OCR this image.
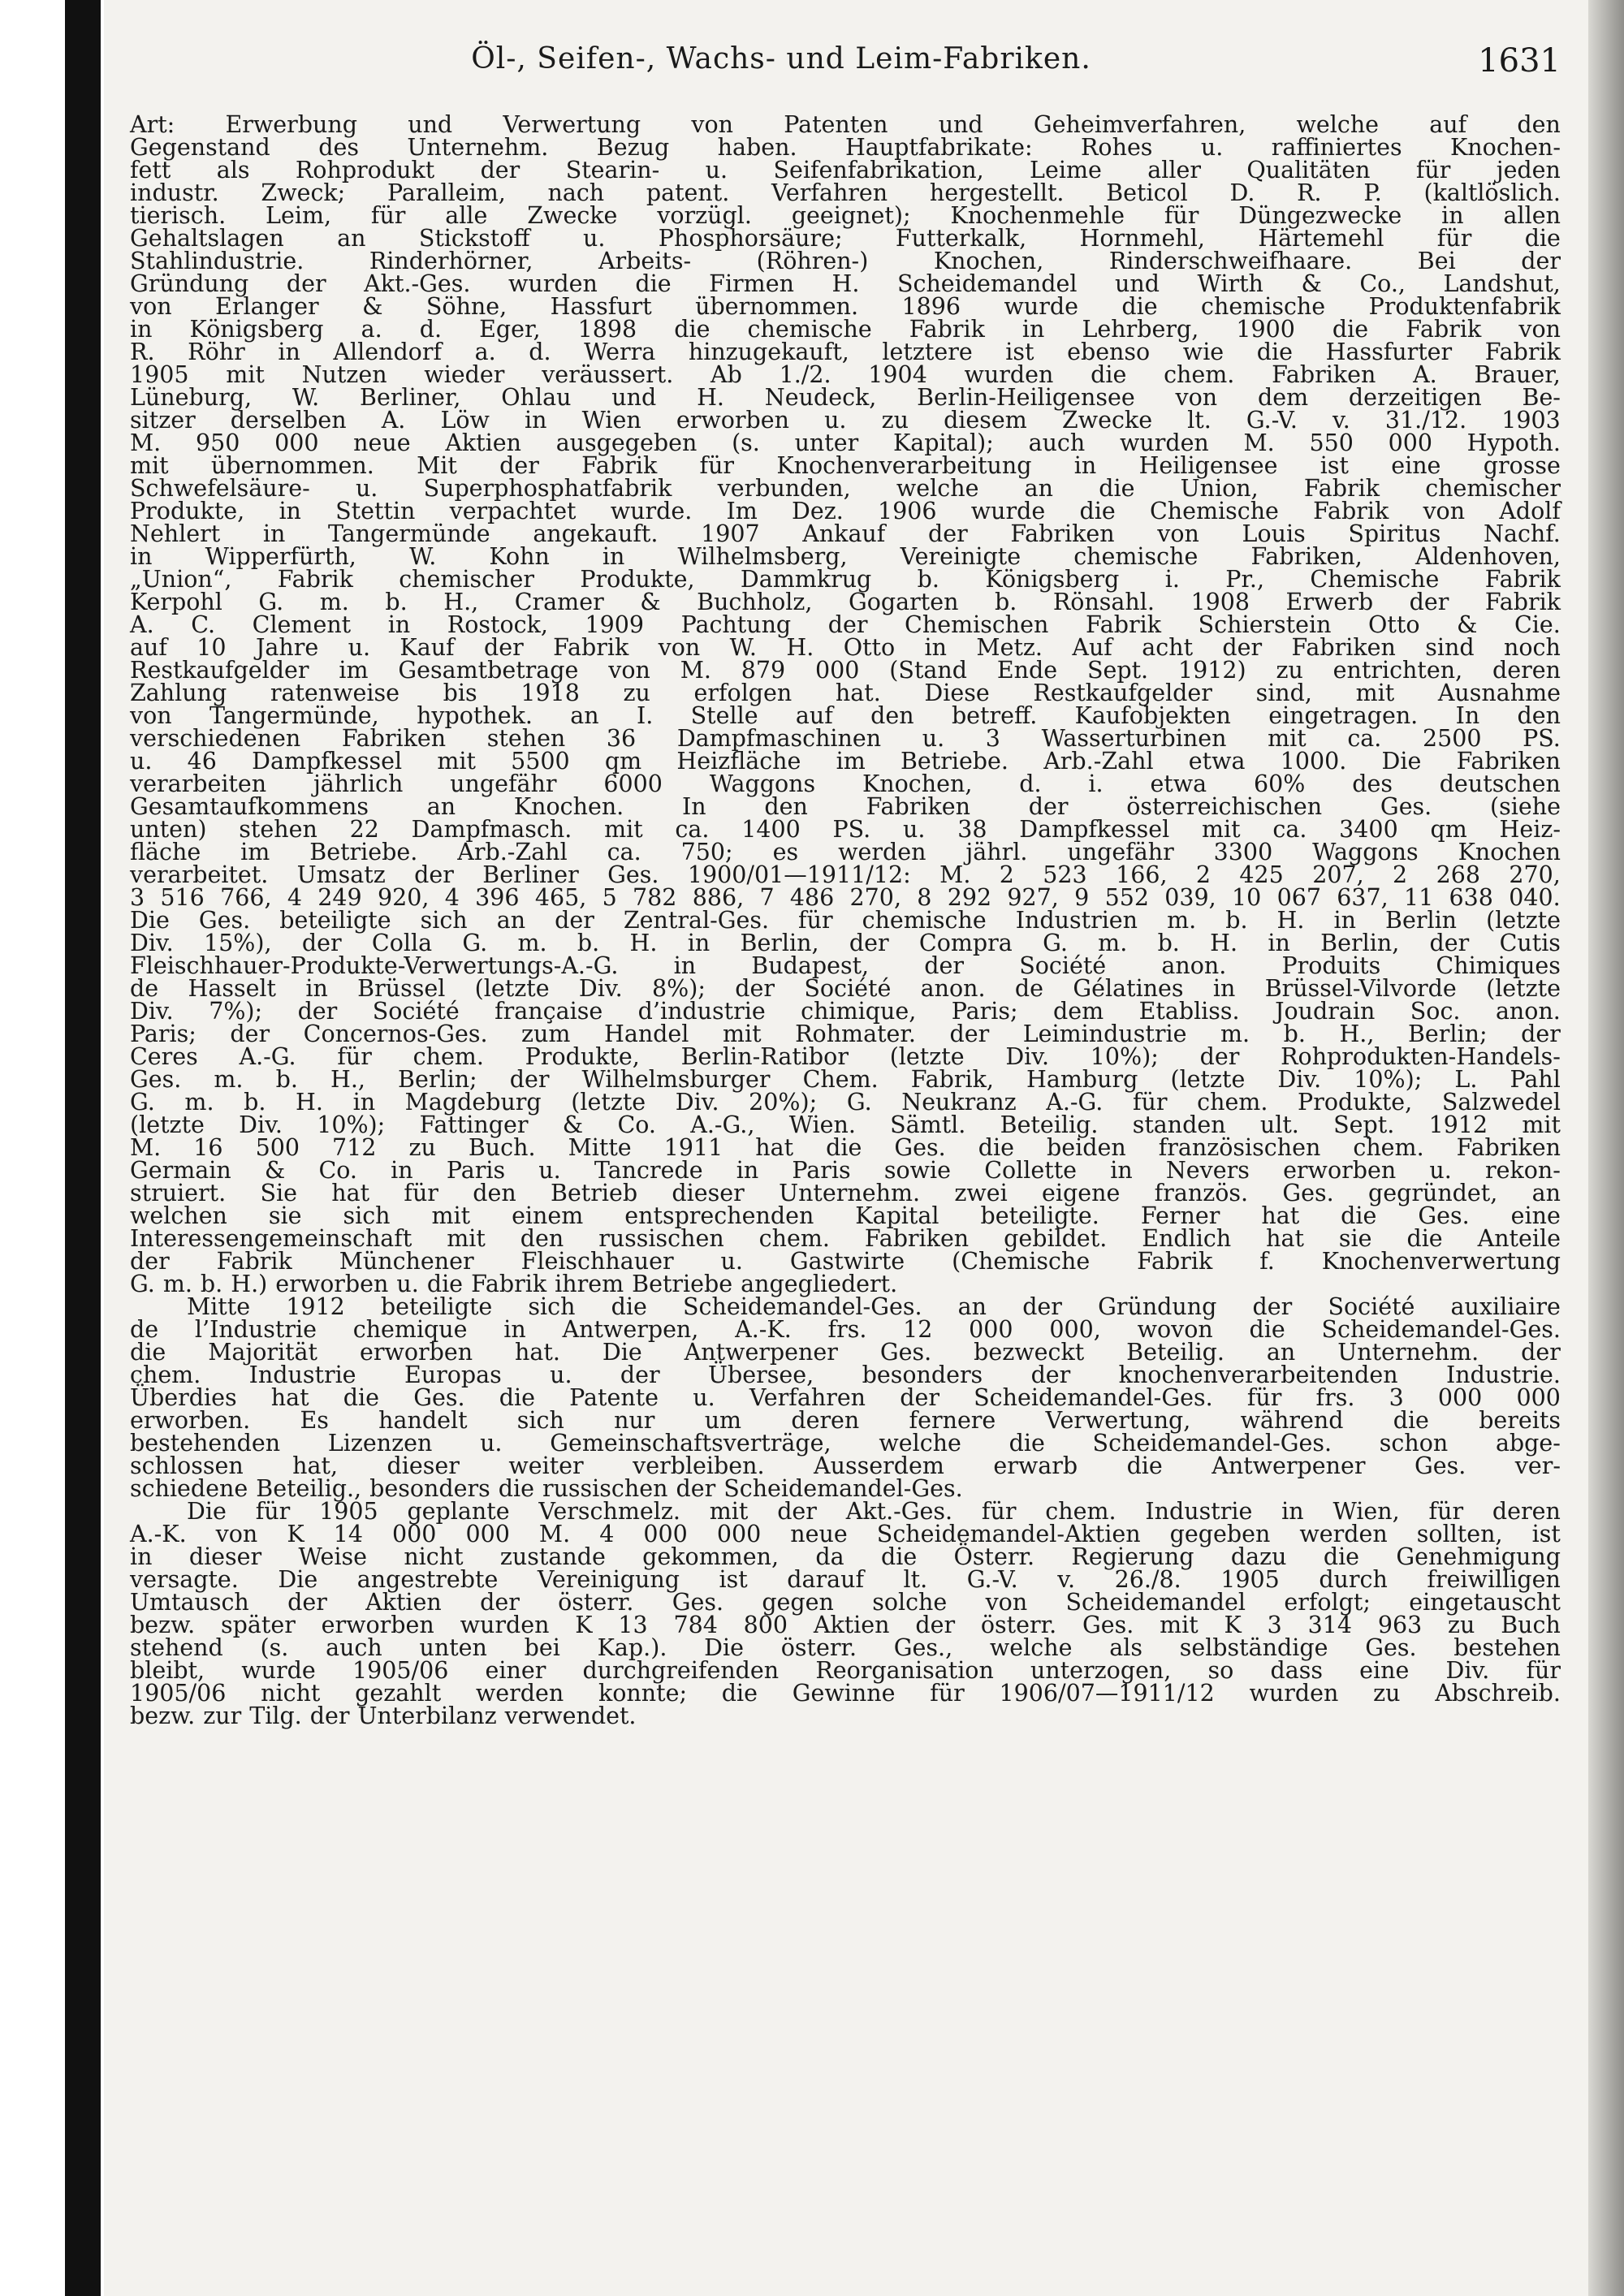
Öl-, Seifen-, Wachs- und Leim-Fabriken.	1631
Art: Erwerbung und Verwertung von Patenten und Geheimverfahren, welche auf den
Gegenstand des Unternehm. Bezug haben. Hauptfabrikate: Rohes u. raffiniertes Knochen-
fett als Rohprodukt der Stearin- u. Seifenfabrikation, Leime aller Qualitäten für jeden
industr. Zweck; Paralleim, nach patent. Verfahren hergestellt. Beticol D. R. P. (kaltlöslich.
tierisch. Leim, für alle Zwecke vorzügl. geeignet); Knochenmehle für Düngezwecke in allen
Gehaltslagen an Stickstoff u. Phosphorsäure; Futterkalk, Hornmehl, Härtemehl für die
Stahlindustrie.	Rinderhörner,	Arbeits-	(Röhren-)	Knochen,	Rinderschweifhaare.	Bei	der
Gründung der Akt.-Ges. wurden die Firmen H. Scheidemandel und Wirth & Co., Landshut,
von Erlanger & Söhne, Hassfurt übernommen. 1896 wurde die chemische Produktenfabrik
in Königsberg a. d. Eger, 1898 die chemische Fabrik in Lehrberg, 1900 die Fabrik von
R. Röhr in Allendorf a. d. Werra hinzugekauft, letztere ist ebenso wie die Hassfurter Fabrik
1905 mit Nutzen wieder veräussert. Ab 1./2. 1904 wurden die chem. Fabriken A. Brauer,
Lüneburg, W. Berliner, Ohlau und H. Neudeck, Berlin-Heiligensee von dem derzeitigen Be-
sitzer derselben A. Löw in Wien erworben u. zu diesem Zwecke lt. G.-V. v. 31./12. 1903
M. 950 000 neue Aktien ausgegeben (s. unter Kapital); auch wurden M. 550 000 Hypoth.
mit übernommen. Mit der Fabrik für Knochenverarbeitung in Heiligensee ist eine grosse
Schwefelsäure- u. Superphosphatfabrik verbunden, welche an die Union, Fabrik chemischer
Produkte, in Stettin verpachtet wurde. Im Dez. 1906 wurde die Chemische Fabrik von Adolf
Nehlert in Tangermünde angekauft. 1907 Ankauf der Fabriken von Louis Spiritus Nachf.
in Wipperfürth, W. Kohn in Wilhelmsberg, Vereinigte chemische Fabriken, Aldenhoven,
„Union“, Fabrik chemischer Produkte, Dammkrug b. Königsberg i. Pr., Chemische Fabrik
Kerpohl G. m. b. H., Cramer & Buchholz, Gogarten b. Rönsahl. 1908 Erwerb der Fabrik
A. C. Clement in Rostock, 1909 Pachtung der Chemischen Fabrik Schierstein Otto & Cie.
auf 10 Jahre u. Kauf der Fabrik von W. H. Otto in Metz. Auf acht der Fabriken sind noch
Restkaufgelder im Gesamtbetrage von M. 879 000 (Stand Ende Sept. 1912) zu entrichten, deren
Zahlung ratenweise bis 1918 zu erfolgen hat. Diese Restkaufgelder sind, mit Ausnahme
von Tangermünde, hypothek. an I. Stelle auf den betreff. Kaufobjekten eingetragen. In den
verschiedenen Fabriken stehen 36 Dampfmaschinen u. 3 Wasserturbinen mit ca. 2500 PS.
u. 46 Dampfkessel mit 5500 qm Heizfläche im Betriebe. Arb.-Zahl etwa 1000. Die Fabriken
verarbeiten jährlich ungefähr 6000 Waggons Knochen, d. i. etwa 60% des deutschen
Gesamtaufkommens	an	Knochen.	In	den	Fabriken	der	österreichischen	Ges.	(siehe
unten) stehen 22 Dampfmasch. mit ca. 1400 PS. u. 38 Dampfkessel mit ca. 3400 qm Heiz-
fläche im Betriebe. Arb.-Zahl ca. 750; es werden jährl. ungefähr 3300 Waggons Knochen
verarbeitet. Umsatz der Berliner Ges. 1900/01—1911/12: M. 2 523 166, 2 425 207, 2 268 270,
3 516 766, 4 249 920, 4 396 465, 5 782 886, 7 486 270, 8 292 927, 9 552 039, 10 067 637, 11 638 040.
Die Ges. beteiligte sich an der Zentral-Ges. für chemische Industrien m. b. H. in Berlin (letzte
Div. 15%), der Colla G. m. b. H. in Berlin, der Compra G. m. b. H. in Berlin, der Cutis
Fleischhauer-Produkte-Verwertungs-A.-G. in Budapest, der Société anon. Produits Chimiques
de Hasselt in Brüssel (letzte Div. 8%); der Société anon. de Gélatines in Brüssel-Vilvorde (letzte
Div. 7%); der Société française d’industrie chimique, Paris; dem Etabliss. Joudrain Soc. anon.
Paris; der Concernos-Ges. zum Handel mit Rohmater. der Leimindustrie m. b. H., Berlin; der
Ceres A.-G. für chem. Produkte, Berlin-Ratibor (letzte Div. 10%); der Rohprodukten-Handels-
Ges. m. b. H., Berlin; der Wilhelmsburger Chem. Fabrik, Hamburg (letzte Div. 10%); L. Pahl
G. m. b. H. in Magdeburg (letzte Div. 20%); G. Neukranz A.-G. für chem. Produkte, Salzwedel
(letzte Div. 10%); Fattinger & Co. A.-G., Wien. Sämtl. Beteilig. standen ult. Sept. 1912 mit
M. 16 500 712 zu Buch. Mitte 1911 hat die Ges. die beiden französischen chem. Fabriken
Germain & Co. in Paris u. Tancrede in Paris sowie Collette in Nevers erworben u. rekon-
struiert. Sie hat für den Betrieb dieser Unternehm. zwei eigene französ. Ges. gegründet, an
welchen sie sich mit einem entsprechenden Kapital beteiligte. Ferner hat die Ges. eine
Interessengemeinschaft mit den russischen chem. Fabriken gebildet. Endlich hat sie die Anteile
der Fabrik Münchener Fleischhauer u. Gastwirte (Chemische Fabrik f. Knochenverwertung
G. m. b. H.) erworben u. die Fabrik ihrem Betriebe angegliedert.
Mitte 1912 beteiligte sich die Scheidemandel-Ges. an der Gründung der Société auxiliaire
de l’Industrie chemique in Antwerpen, A.-K. frs. 12 000 000, wovon die Scheidemandel-Ges.
die Majorität erworben hat. Die Antwerpener Ges. bezweckt Beteilig. an Unternehm. der
chem. Industrie Europas u. der Übersee, besonders der knochenverarbeitenden Industrie.
Überdies hat die Ges. die Patente u. Verfahren der Scheidemandel-Ges. für frs. 3 000 000
erworben. Es handelt sich nur um deren fernere Verwertung, während die bereits
bestehenden Lizenzen u. Gemeinschaftsverträge, welche die Scheidemandel-Ges. schon abge-
schlossen hat, dieser weiter verbleiben. Ausserdem erwarb die Antwerpener Ges. ver-
schiedene Beteilig., besonders die russischen der Scheidemandel-Ges.
Die für 1905 geplante Verschmelz. mit der Akt.-Ges. für chem. Industrie in Wien, für deren
A.-K. von K 14 000 000 M. 4 000 000 neue Scheidemandel-Aktien gegeben werden sollten, ist
in dieser Weise nicht zustande gekommen, da die Österr. Regierung dazu die Genehmigung
versagte. Die angestrebte Vereinigung ist darauf lt. G.-V. v. 26./8. 1905 durch freiwilligen
Umtausch der Aktien der österr. Ges. gegen solche von Scheidemandel erfolgt; eingetauscht
bezw. später erworben wurden K 13 784 800 Aktien der österr. Ges. mit K 3 314 963 zu Buch
stehend (s. auch unten bei Kap.). Die österr. Ges., welche als selbständige Ges. bestehen
bleibt, wurde 1905/06 einer durchgreifenden Reorganisation unterzogen, so dass eine Div. für
1905/06 nicht gezahlt werden konnte; die Gewinne für 1906/07—1911/12 wurden zu Abschreib.
bezw. zur Tilg. der Unterbilanz verwendet.
